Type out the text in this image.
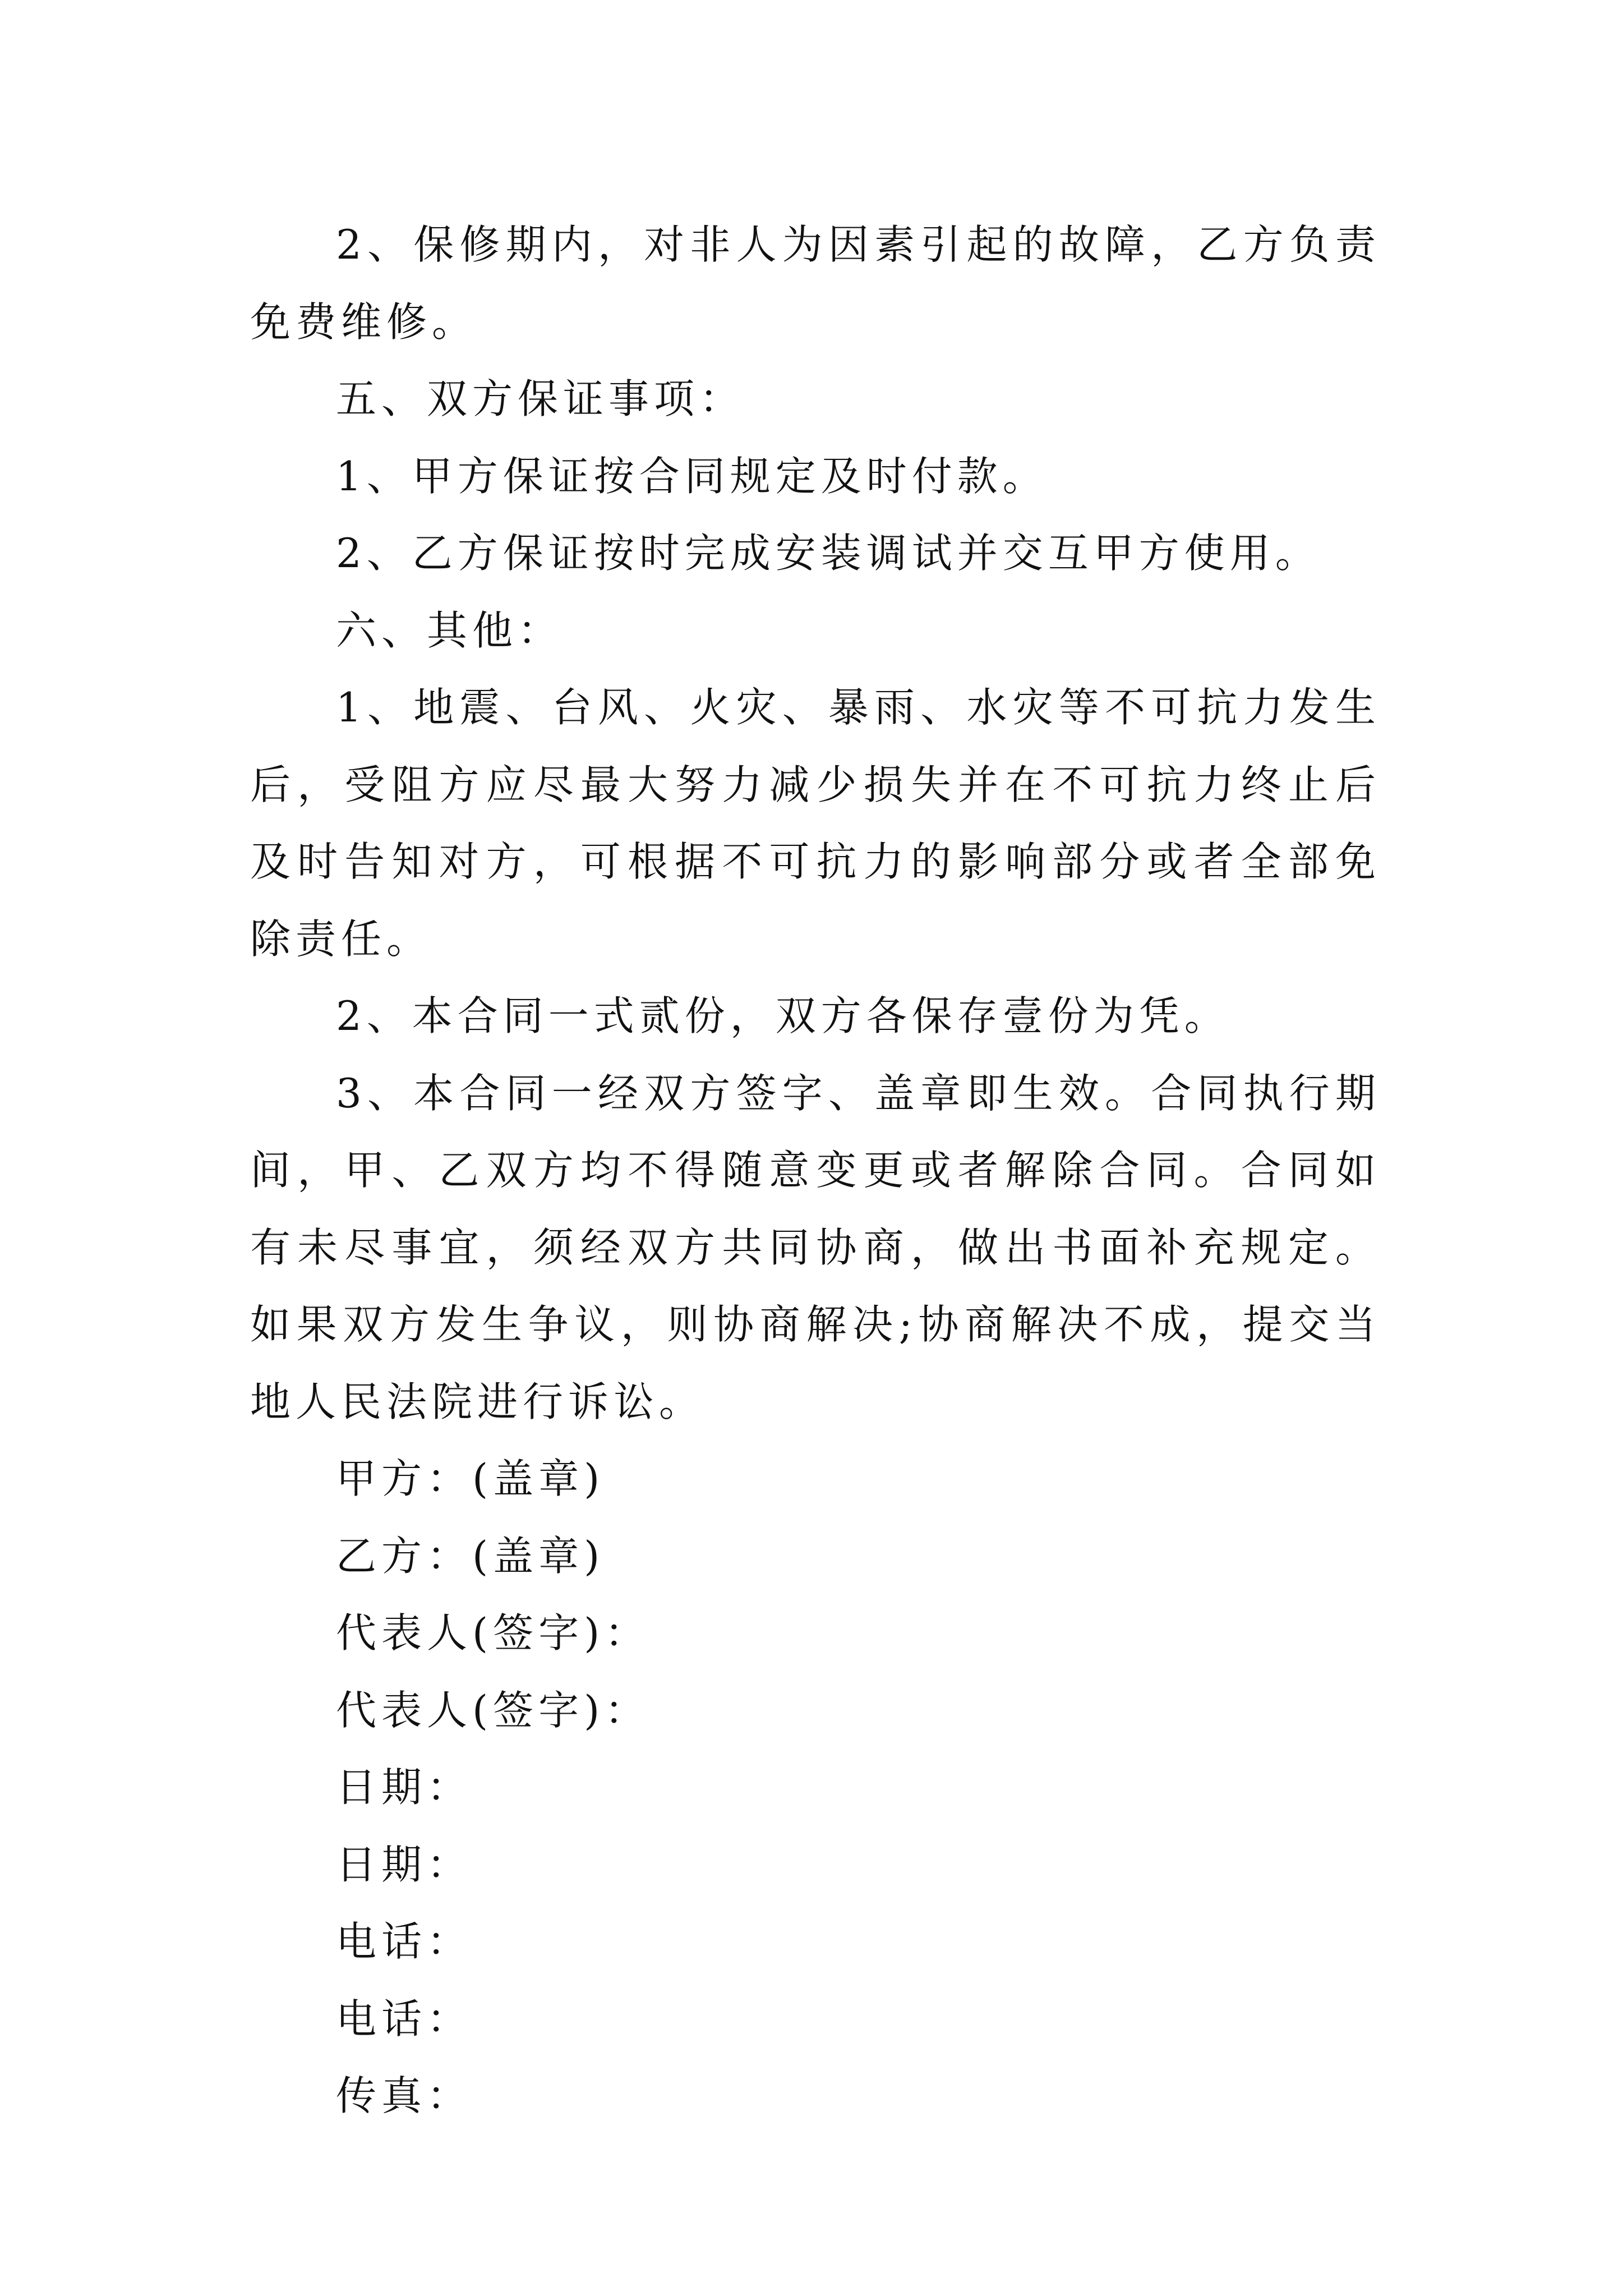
2、保修期内，对非人为因素引起的故障，乙方负责免费维修。

五、双方保证事项：

1、甲方保证按合同规定及时付款。

2、乙方保证按时完成安装调试并交互甲方使用。

六、其他：

1、地震、台风、火灾、暴雨、水灾等不可抗力发生后，受阻方应尽最大努力减少损失并在不可抗力终止后及时告知对方，可根据不可抗力的影响部分或者全部免除责任。

2、本合同一式贰份，双方各保存壹份为凭。

3、本合同一经双方签字、盖章即生效。合同执行期间，甲、乙双方均不得随意变更或者解除合同。合同如有未尽事宜，须经双方共同协商，做出书面补充规定。如果双方发生争议，则协商解决;协商解决不成，提交当地人民法院进行诉讼。

甲方：(盖章)

乙方：(盖章)

代表人(签字)：

代表人(签字)：

日期：

日期：

电话：

电话：

传真：
